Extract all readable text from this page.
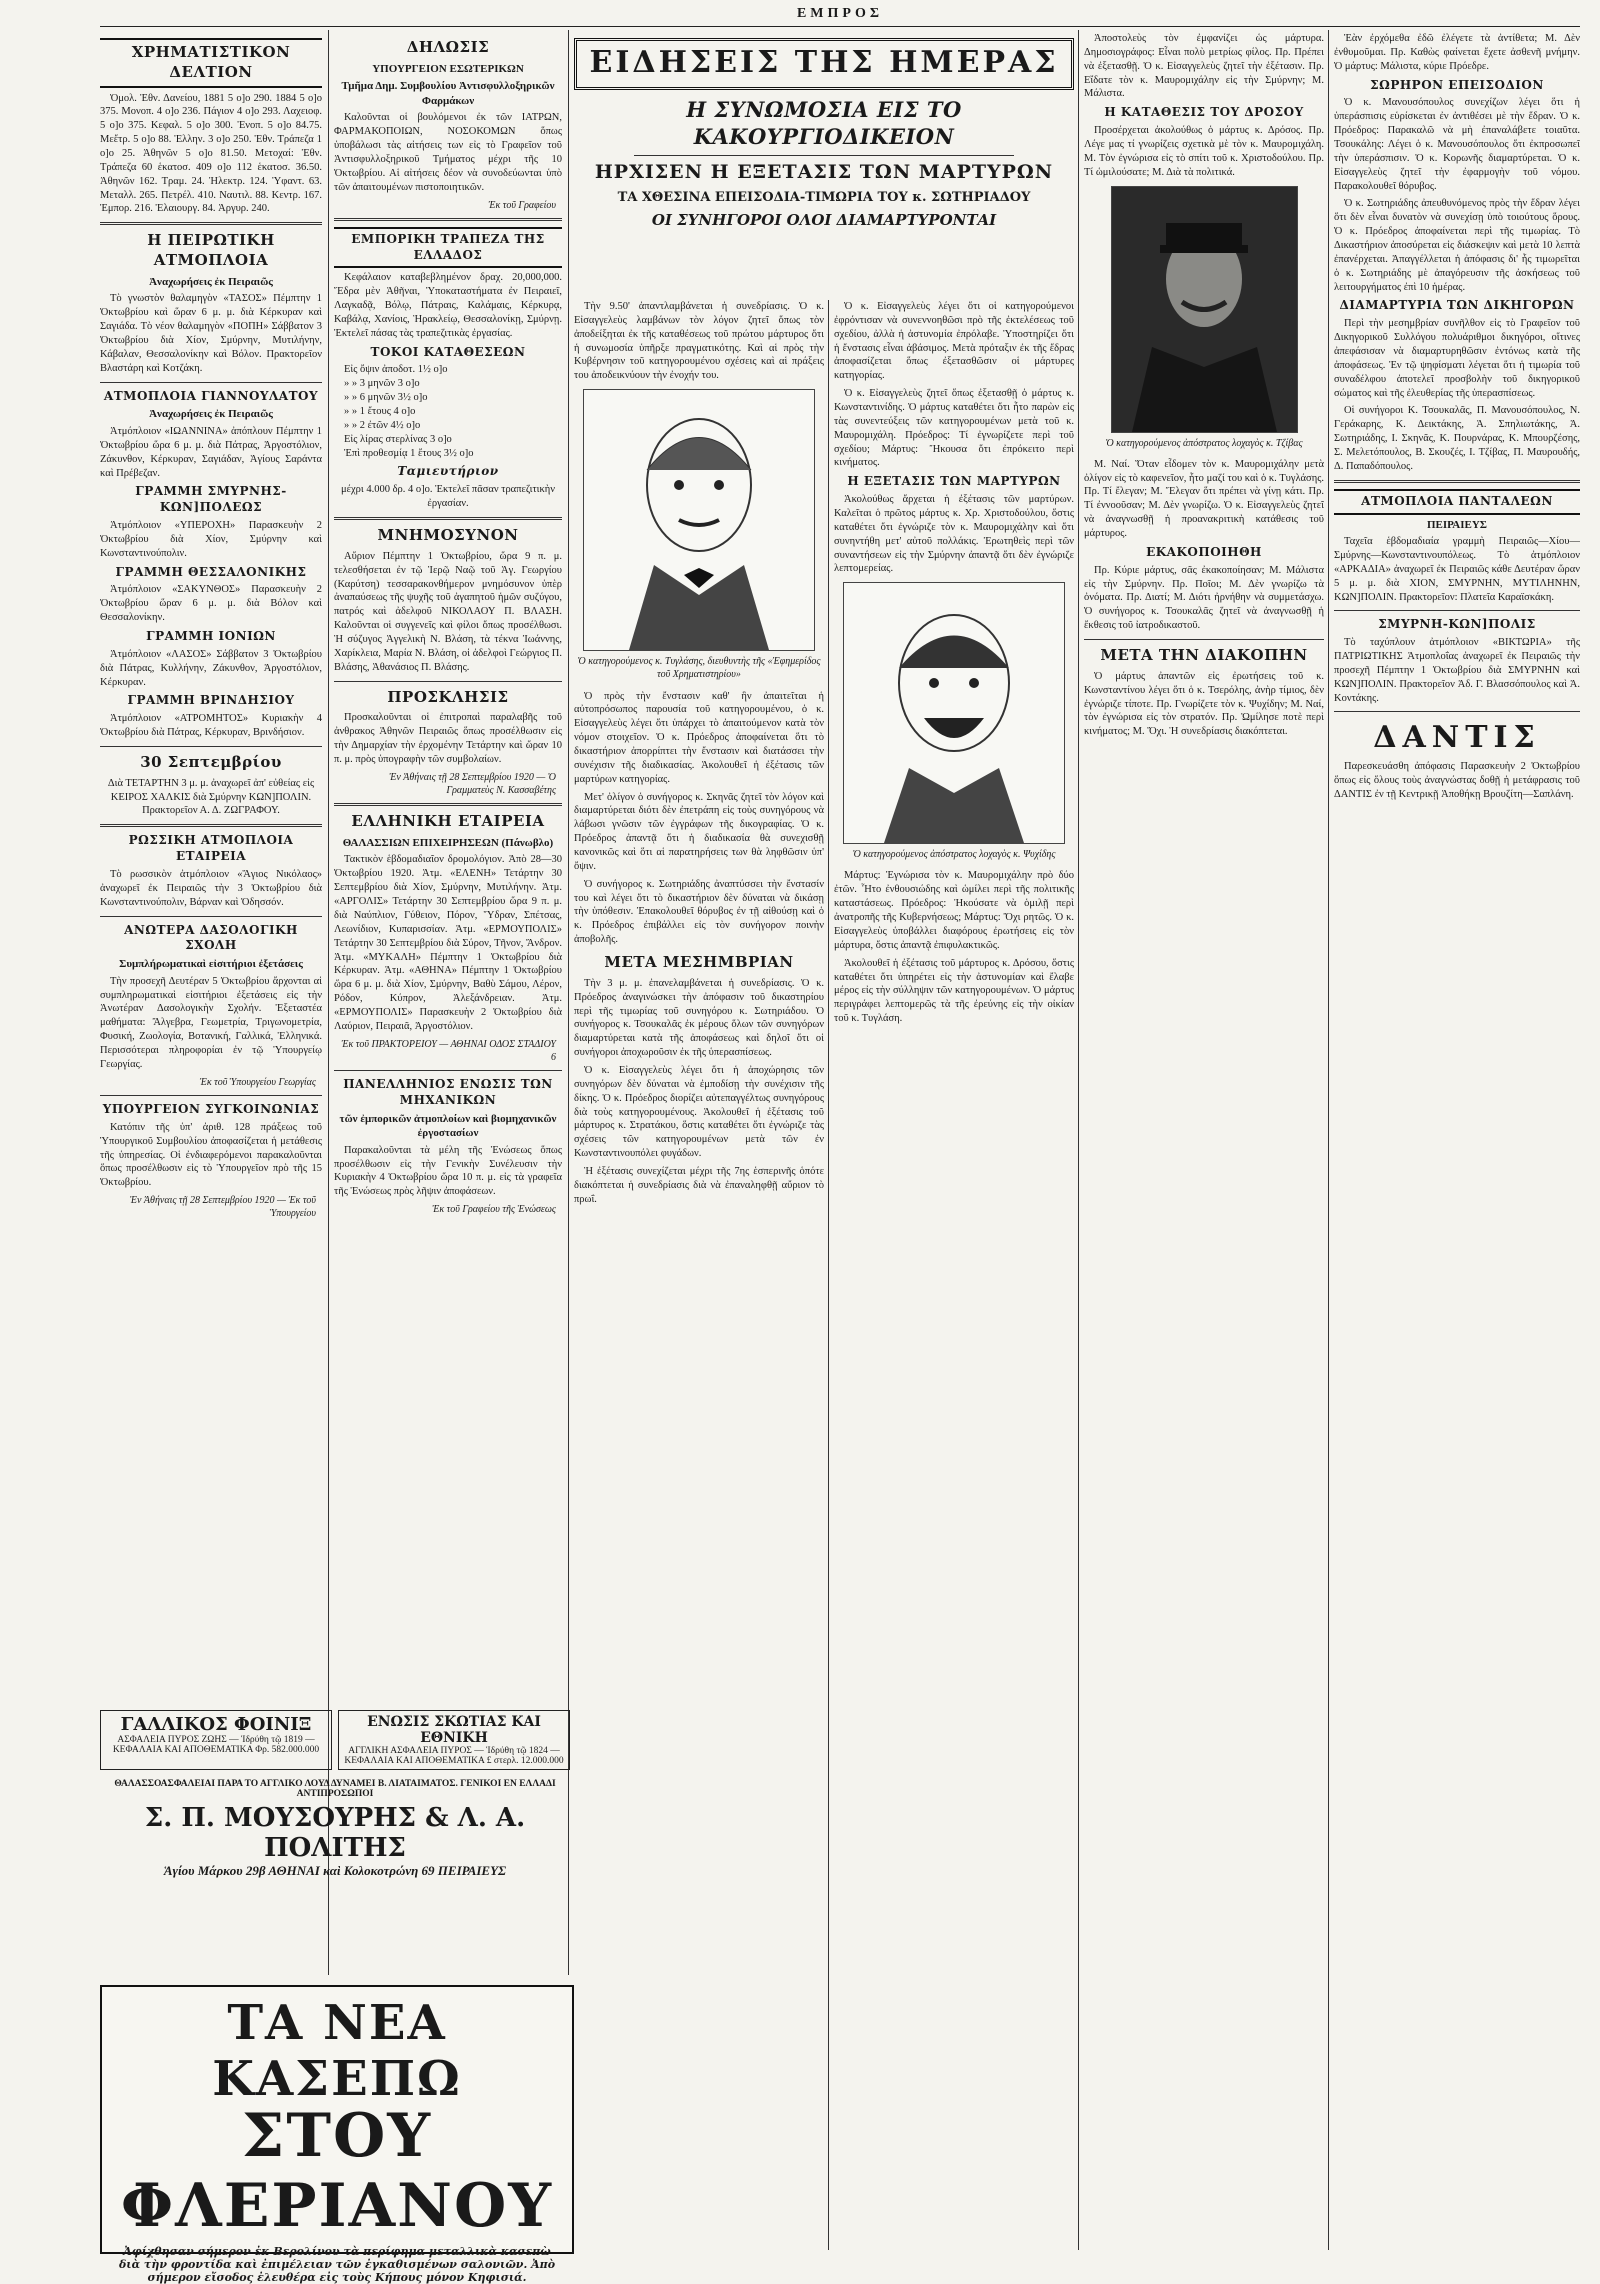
ΕΜΠΡΟΣ
ΧΡΗΜΑΤΙΣΤΙΚΟΝ ΔΕΛΤΙΟΝ

Ὁμολ. Ἐθν. Δανείου, 1881 5 ο]ο 290. 1884 5 ο]ο 375. Μονοπ. 4 ο]ο 236. Πάγιον 4 ο]ο 293. Λαχειοφ. 5 ο]ο 375. Κεφαλ. 5 ο]ο 300. Ἑνοπ. 5 ο]ο 84.75. Μεἔτρ. 5 ο]ο 88. Ἑλλην. 3 ο]ο 250. Ἐθν. Τράπεζα 1 ο]ο 25. Ἀθηνῶν 5 ο]ο 81.50. Μετοχαί: Ἐθν. Τράπεζα 60 ἑκατοσ. 409 ο]ο 112 ἑκατοσ. 36.50. Ἀθηνῶν 162. Τραμ. 24. Ἠλεκτρ. 124. Ὑφαντ. 63. Μεταλλ. 265. Πετρέλ. 410. Ναυτιλ. 88. Κεντρ. 167. Ἐμπορ. 216. Ἐλαιουργ. 84. Ἀργυρ. 240.

Η ΠΕΙΡΩΤΙΚΗ ΑΤΜΟΠΛΟΙΑ
Ἀναχωρήσεις ἐκ Πειραιῶς

Τὸ γνωστὸν θαλαμηγὸν «ΤΑΣΟΣ» Πέμπτην 1 Ὀκτωβρίου καὶ ὥραν 6 μ. μ. διὰ Κέρκυραν καὶ Σαγιάδα. Τὸ νέον θαλαμηγὸν «ΠΟΠΗ» Σάββατον 3 Ὀκτωβρίου διὰ Χίον, Σμύρνην, Μυτιλήνην, Κάβαλαν, Θεσσαλονίκην καὶ Βόλον. Πρακτορεῖον Βλαστάρη καὶ Κοτζάκη.

ΑΤΜΟΠΛΟΙΑ ΓΙΑΝΝΟΥΛΑΤΟΥ
Ἀναχωρήσεις ἐκ Πειραιῶς

Ἀτμόπλοιον «ΙΩΑΝΝΙΝΑ» ἀπόπλουν Πέμπτην 1 Ὀκτωβρίου ὥρα 6 μ. μ. διὰ Πάτρας, Ἀργοστόλιον, Ζάκυνθον, Κέρκυραν, Σαγιάδαν, Ἁγίους Σαράντα καὶ Πρέβεζαν.

ΓΡΑΜΜΗ ΣΜΥΡΝΗΣ-ΚΩΝ]ΠΟΛΕΩΣ

Ἀτμόπλοιον «ΥΠΕΡΟΧΗ» Παρασκευὴν 2 Ὀκτωβρίου διὰ Χίον, Σμύρνην καὶ Κωνσταντινούπολιν.

ΓΡΑΜΜΗ ΘΕΣΣΑΛΟΝΙΚΗΣ

Ἀτμόπλοιον «ΣΑΚΥΝΘΟΣ» Παρασκευὴν 2 Ὀκτωβρίου ὥραν 6 μ. μ. διὰ Βόλον καὶ Θεσσαλονίκην.

ΓΡΑΜΜΗ ΙΟΝΙΩΝ

Ἀτμόπλοιον «ΛΑΣΟΣ» Σάββατον 3 Ὀκτωβρίου διὰ Πάτρας, Κυλλήνην, Ζάκυνθον, Ἀργοστόλιον, Κέρκυραν.

ΓΡΑΜΜΗ ΒΡΙΝΔΗΣΙΟΥ

Ἀτμόπλοιον «ΑΤΡΟΜΗΤΟΣ» Κυριακὴν 4 Ὀκτωβρίου διὰ Πάτρας, Κέρκυραν, Βρινδήσιον.

30 Σεπτεμβρίου

Διὰ ΤΕΤΑΡΤΗΝ 3 μ. μ. ἀναχωρεῖ ἀπ' εὐθείας εἰς ΚΕΙΡΟΣ ΧΑΛΚΙΣ διὰ Σμύρνην ΚΩΝ]ΠΟΛΙΝ. Πρακτορεῖον Α. Δ. ΖΩΓΡΑΦΟΥ.

ΡΩΣΣΙΚΗ ΑΤΜΟΠΛΟΙΑ ΕΤΑΙΡΕΙΑ

Τὸ ρωσσικὸν ἀτμόπλοιον «Ἅγιος Νικόλαος» ἀναχωρεῖ ἐκ Πειραιῶς τὴν 3 Ὀκτωβρίου διὰ Κωνσταντινούπολιν, Βάρναν καὶ Ὀδησσόν.

ΑΝΩΤΕΡΑ ΔΑΣΟΛΟΓΙΚΗ ΣΧΟΛΗ
Συμπλήρωματικαὶ εἰσιτήριοι ἐξετάσεις

Τὴν προσεχῆ Δευτέραν 5 Ὀκτωβρίου ἄρχονται αἱ συμπληρωματικαὶ εἰσιτήριοι ἐξετάσεις εἰς τὴν Ἀνωτέραν Δασολογικὴν Σχολήν. Ἐξεταστέα μαθήματα: Ἄλγεβρα, Γεωμετρία, Τριγωνομετρία, Φυσική, Ζωολογία, Βοτανική, Γαλλικά, Ἑλληνικά. Περισσότεραι πληροφορίαι ἐν τῷ Ὑπουργείῳ Γεωργίας.

Ἐκ τοῦ Ὑπουργείου Γεωργίας
ΥΠΟΥΡΓΕΙΟΝ ΣΥΓΚΟΙΝΩΝΙΑΣ

Κατόπιν τῆς ὑπ' ἀριθ. 128 πράξεως τοῦ Ὑπουργικοῦ Συμβουλίου ἀποφασίζεται ἡ μετάθεσις τῆς ὑπηρεσίας. Οἱ ἐνδιαφερόμενοι παρακαλοῦνται ὅπως προσέλθωσιν εἰς τὸ Ὑπουργεῖον πρὸ τῆς 15 Ὀκτωβρίου.

Ἐν Ἀθήναις τῇ 28 Σεπτεμβρίου 1920 — Ἐκ τοῦ Ὑπουργείου
ΔΗΛΩΣΙΣ
ΥΠΟΥΡΓΕΙΟΝ ΕΣΩΤΕΡΙΚΩΝ
Τμῆμα Δημ. Συμβουλίου Ἀντισφυλλοξηρικῶν Φαρμάκων

Καλοῦνται οἱ βουλόμενοι ἐκ τῶν ΙΑΤΡΩΝ, ΦΑΡΜΑΚΟΠΟΙΩΝ, ΝΟΣΟΚΟΜΩΝ ὅπως ὑποβάλωσι τὰς αἰτήσεις των εἰς τὸ Γραφεῖον τοῦ Ἀντισφυλλοξηρικοῦ Τμήματος μέχρι τῆς 10 Ὀκτωβρίου. Αἱ αἰτήσεις δέον νὰ συνοδεύωνται ὑπὸ τῶν ἀπαιτουμένων πιστοποιητικῶν.

Ἐκ τοῦ Γραφείου
ΕΜΠΟΡΙΚΗ ΤΡΑΠΕΖΑ ΤΗΣ ΕΛΛΑΔΟΣ

Κεφάλαιον καταβεβλημένον δραχ. 20,000,000. Ἕδρα μὲν Ἀθῆναι, Ὑποκαταστήματα ἐν Πειραιεῖ, Λαγκαδᾷ, Βόλῳ, Πάτραις, Καλάμαις, Κέρκυρᾳ, Καβάλᾳ, Χανίοις, Ἡρακλείῳ, Θεσσαλονίκῃ, Σμύρνῃ. Ἐκτελεῖ πάσας τὰς τραπεζιτικὰς ἐργασίας.

ΤΟΚΟΙ ΚΑΤΑΘΕΣΕΩΝ
Εἰς ὄψιν ἀποδοτ. 1½ ο]ο
» » 3 μηνῶν 3 ο]ο
» » 6 μηνῶν 3½ ο]ο
» » 1 ἔτους 4 ο]ο
» » 2 ἐτῶν 4½ ο]ο
Εἰς λίρας στερλίνας 3 ο]ο
Ἐπὶ προθεσμίᾳ 1 ἔτους 3½ ο]ο
Ταμιευτήριον

μέχρι 4.000 δρ. 4 ο]ο. Ἐκτελεῖ πᾶσαν τραπεζιτικὴν ἐργασίαν.

ΜΝΗΜΟΣΥΝΟΝ

Αὔριον Πέμπτην 1 Ὀκτωβρίου, ὥρα 9 π. μ. τελεσθήσεται ἐν τῷ Ἱερῷ Ναῷ τοῦ Ἁγ. Γεωργίου (Καρύτση) τεσσαρακονθήμερον μνημόσυνον ὑπὲρ ἀναπαύσεως τῆς ψυχῆς τοῦ ἀγαπητοῦ ἡμῶν συζύγου, πατρός καὶ ἀδελφοῦ ΝΙΚΟΛΑΟΥ Π. ΒΛΑΣΗ. Καλοῦνται οἱ συγγενεῖς καὶ φίλοι ὅπως προσέλθωσι. Ἡ σύζυγος Ἀγγελικὴ Ν. Βλάση, τὰ τέκνα Ἰωάννης, Χαρίκλεια, Μαρία Ν. Βλάση, οἱ ἀδελφοὶ Γεώργιος Π. Βλάσης, Ἀθανάσιος Π. Βλάσης.

ΠΡΟΣΚΛΗΣΙΣ

Προσκαλοῦνται οἱ ἐπιτροπαὶ παραλαβῆς τοῦ ἀνθρακος Ἀθηνῶν Πειραιῶς ὅπως προσέλθωσιν εἰς τὴν Δημαρχίαν τὴν ἐρχομένην Τετάρτην καὶ ὥραν 10 π. μ. πρὸς ὑπογραφὴν τῶν συμβολαίων.

Ἐν Ἀθήναις τῇ 28 Σεπτεμβρίου 1920 — Ὁ Γραμματεὺς Ν. Κασσαβέτης
ΕΛΛΗΝΙΚΗ ΕΤΑΙΡΕΙΑ
ΘΑΛΑΣΣΙΩΝ ΕΠΙΧΕΙΡΗΣΕΩΝ (Πάνωβλο)

Τακτικὸν ἑβδομαδιαῖον δρομολόγιον. Ἀπὸ 28—30 Ὀκτωβρίου 1920. Ἀτμ. «ΕΛΕΝΗ» Τετάρτην 30 Σεπτεμβρίου διὰ Χίον, Σμύρνην, Μυτιλήνην. Ἀτμ. «ΑΡΓΟΛΙΣ» Τετάρτην 30 Σεπτεμβρίου ὥρα 9 π. μ. διὰ Ναύπλιον, Γύθειον, Πόρον, Ὕδραν, Σπέτσας, Λεωνίδιον, Κυπαρισσίαν. Ἀτμ. «ΕΡΜΟΥΠΟΛΙΣ» Τετάρτην 30 Σεπτεμβρίου διὰ Σύρον, Τῆνον, Ἄνδρον. Ἀτμ. «ΜΥΚΑΛΗ» Πέμπτην 1 Ὀκτωβρίου διὰ Κέρκυραν. Ἀτμ. «ΑΘΗΝΑ» Πέμπτην 1 Ὀκτωβρίου ὥρα 6 μ. μ. διὰ Χίον, Σμύρνην, Βαθὺ Σάμου, Λέρον, Ρόδον, Κύπρον, Ἀλεξάνδρειαν. Ἀτμ. «ΕΡΜΟΥΠΟΛΙΣ» Παρασκευὴν 2 Ὀκτωβρίου διὰ Λαύριον, Πειραιᾶ, Ἀργοστόλιον.

Ἐκ τοῦ ΠΡΑΚΤΟΡΕΙΟΥ — ΑΘΗΝΑΙ ΟΔΟΣ ΣΤΑΔΙΟΥ 6
ΠΑΝΕΛΛΗΝΙΟΣ ΕΝΩΣΙΣ ΤΩΝ ΜΗΧΑΝΙΚΩΝ
τῶν ἐμπορικῶν ἀτμοπλοίων καὶ βιομηχανικῶν ἐργοστασίων

Παρακαλοῦνται τὰ μέλη τῆς Ἑνώσεως ὅπως προσέλθωσιν εἰς τὴν Γενικὴν Συνέλευσιν τὴν Κυριακὴν 4 Ὀκτωβρίου ὥρα 10 π. μ. εἰς τὰ γραφεῖα τῆς Ἑνώσεως πρὸς λῆψιν ἀποφάσεων.

Ἐκ τοῦ Γραφείου τῆς Ἑνώσεως
ΓΑΛΛΙΚΟΣ ΦΟΙΝΙΞ
ΑΣΦΑΛΕΙΑ ΠΥΡΟΣ ΖΩΗΣ — Ἱδρύθη τῷ 1819 — ΚΕΦΑΛΑΙΑ ΚΑΙ ΑΠΟΘΕΜΑΤΙΚΑ Φρ. 582.000.000
ΕΝΩΣΙΣ ΣΚΩΤΙΑΣ ΚΑΙ ΕΘΝΙΚΗ
ΑΓΓΛΙΚΗ ΑΣΦΑΛΕΙΑ ΠΥΡΟΣ — Ἱδρύθη τῷ 1824 — ΚΕΦΑΛΑΙΑ ΚΑΙ ΑΠΟΘΕΜΑΤΙΚΑ £ στερλ. 12.000.000
ΘΑΛΑΣΣΟΑΣΦΑΛΕΙΑΙ ΠΑΡΑ ΤΟ ΑΓΓΛΙΚΟ ΛΟΥΔ ΔΥΝΑΜΕΙ Β. ΛΙΑΤΑΙΜΑΤΟΣ. ΓΕΝΙΚΟΙ ΕΝ ΕΛΛΑΔΙ ΑΝΤΙΠΡΟΣΩΠΟΙ
Σ. Π. ΜΟΥΣΟΥΡΗΣ & Λ. Α. ΠΟΛΙΤΗΣ
Ἁγίου Μάρκου 29β ΑΘΗΝΑΙ καὶ Κολοκοτρώνη 69 ΠΕΙΡΑΙΕΥΣ
ΤΑ ΝΕΑ ΚΑΣΕΠΩ
ΣΤΟΥ ΦΛΕΡΙΑΝΟΥ
Ἀφίχθησαν σήμερον ἐκ Βερολίνου τὰ περίφημα μεταλλικὰ κασεπὼ διὰ τὴν φροντίδα καὶ ἐπιμέλειαν τῶν ἐγκαθισμένων σαλονιῶν. Ἀπὸ σήμερον εἴσοδος ἐλευθέρα εἰς τοὺς Κήπους μόνον Κηφισιά.
ΕΙΔΗΣΕΙΣ ΤΗΣ ΗΜΕΡΑΣ
Η ΣΥΝΩΜΟΣΙΑ ΕΙΣ ΤΟ ΚΑΚΟΥΡΓΙΟΔΙΚΕΙΟΝ
ΗΡΧΙΣΕΝ Η ΕΞΕΤΑΣΙΣ ΤΩΝ ΜΑΡΤΥΡΩΝ
ΤΑ ΧΘΕΣΙΝΑ ΕΠΕΙΣΟΔΙΑ-ΤΙΜΩΡΙΑ ΤΟΥ κ. ΣΩΤΗΡΙΑΔΟΥ
ΟΙ ΣΥΝΗΓΟΡΟΙ ΟΛΟΙ ΔΙΑΜΑΡΤΥΡΟΝΤΑΙ

Τὴν 9.50' ἀπαντλαμβάνεται ἡ συνεδρίασις. Ὁ κ. Εἰσαγγελεὺς λαμβάνων τὸν λόγον ζητεῖ ὅπως τὸν ἀποδείξηται ἐκ τῆς καταθέσεως τοῦ πρώτου μάρτυρος ὅτι ἡ συνωμοσία ὑπῆρξε πραγματικότης. Καὶ αἱ πρὸς τὴν Κυβέρνησιν τοῦ κατηγορουμένου σχέσεις καὶ αἱ πράξεις του ἀποδεικνύουν τὴν ἐνοχήν του.

Ὁ κατηγορούμενος κ. Τυγλάσης, διευθυντὴς τῆς «Ἐφημερίδος τοῦ Χρηματιστηρίου»

Ὁ πρὸς τὴν ἔνστασιν καθ' ἣν ἀπαιτεῖται ἡ αὐτοπρόσωπος παρουσία τοῦ κατηγορουμένου, ὁ κ. Εἰσαγγελεὺς λέγει ὅτι ὑπάρχει τὸ ἀπαιτούμενον κατὰ τὸν νόμον στοιχεῖον. Ὁ κ. Πρόεδρος ἀποφαίνεται ὅτι τὸ δικαστήριον ἀπορρίπτει τὴν ἔνστασιν καὶ διατάσσει τὴν συνέχισιν τῆς διαδικασίας. Ἀκολουθεῖ ἡ ἐξέτασις τῶν μαρτύρων κατηγορίας.

Μετ' ὀλίγον ὁ συνήγορος κ. Σκηνᾶς ζητεῖ τὸν λόγον καὶ διαμαρτύρεται διότι δὲν ἐπετράπη εἰς τοὺς συνηγόρους νὰ λάβωσι γνῶσιν τῶν ἐγγράφων τῆς δικογραφίας. Ὁ κ. Πρόεδρος ἀπαντᾷ ὅτι ἡ διαδικασία θὰ συνεχισθῇ κανονικῶς καὶ ὅτι αἱ παρατηρήσεις των θὰ ληφθῶσιν ὑπ' ὄψιν.

Ὁ συνήγορος κ. Σωτηριάδης ἀναπτύσσει τὴν ἔνστασίν του καὶ λέγει ὅτι τὸ δικαστήριον δὲν δύναται νὰ δικάσῃ τὴν ὑπόθεσιν. Ἐπακολουθεῖ θόρυβος ἐν τῇ αἰθούσῃ καὶ ὁ κ. Πρόεδρος ἐπιβάλλει εἰς τὸν συνήγορον ποινὴν ἀποβολῆς.

ΜΕΤΑ ΜΕΣΗΜΒΡΙΑΝ

Τὴν 3 μ. μ. ἐπανελαμβάνεται ἡ συνεδρίασις. Ὁ κ. Πρόεδρος ἀναγινώσκει τὴν ἀπόφασιν τοῦ δικαστηρίου περὶ τῆς τιμωρίας τοῦ συνηγόρου κ. Σωτηριάδου. Ὁ συνήγορος κ. Τσουκαλᾶς ἐκ μέρους ὅλων τῶν συνηγόρων διαμαρτύρεται κατὰ τῆς ἀποφάσεως καὶ δηλοῖ ὅτι οἱ συνήγοροι ἀποχωροῦσιν ἐκ τῆς ὑπερασπίσεως.

Ὁ κ. Εἰσαγγελεὺς λέγει ὅτι ἡ ἀποχώρησις τῶν συνηγόρων δὲν δύναται νὰ ἐμποδίσῃ τὴν συνέχισιν τῆς δίκης. Ὁ κ. Πρόεδρος διορίζει αὐτεπαγγέλτως συνηγόρους διὰ τοὺς κατηγορουμένους. Ἀκολουθεῖ ἡ ἐξέτασις τοῦ μάρτυρος κ. Στρατάκου, ὅστις καταθέτει ὅτι ἐγνώριζε τὰς σχέσεις τῶν κατηγορουμένων μετὰ τῶν ἐν Κωνσταντινουπόλει φυγάδων.

Ἡ ἐξέτασις συνεχίζεται μέχρι τῆς 7ης ἑσπερινῆς ὁπότε διακόπτεται ἡ συνεδρίασις διὰ νὰ ἐπαναληφθῇ αὔριον τὸ πρωΐ.

Ὁ κ. Εἰσαγγελεὺς λέγει ὅτι οἱ κατηγορούμενοι ἐφρόντισαν νὰ συνεννοηθῶσι πρὸ τῆς ἐκτελέσεως τοῦ σχεδίου, ἀλλὰ ἡ ἀστυνομία ἐπρόλαβε. Ὑποστηρίζει ὅτι ἡ ἔνστασις εἶναι ἀβάσιμος. Μετὰ πρόταξιν ἐκ τῆς ἕδρας ἀποφασίζεται ὅπως ἐξετασθῶσιν οἱ μάρτυρες κατηγορίας.

Ὁ κ. Εἰσαγγελεὺς ζητεῖ ὅπως ἐξετασθῇ ὁ μάρτυς κ. Κωνσταντινίδης. Ὁ μάρτυς καταθέτει ὅτι ἦτο παρὼν εἰς τὰς συνεντεύξεις τῶν κατηγορουμένων μετὰ τοῦ κ. Μαυρομιχάλη. Πρόεδρος: Τί ἐγνωρίζετε περὶ τοῦ σχεδίου; Μάρτυς: Ἤκουσα ὅτι ἐπρόκειτο περὶ κινήματος.

Η ΕΞΕΤΑΣΙΣ ΤΩΝ ΜΑΡΤΥΡΩΝ

Ἀκολούθως ἄρχεται ἡ ἐξέτασις τῶν μαρτύρων. Καλεῖται ὁ πρῶτος μάρτυς κ. Χρ. Χριστοδούλου, ὅστις καταθέτει ὅτι ἐγνώριζε τὸν κ. Μαυρομιχάλην καὶ ὅτι συνηντήθη μετ' αὐτοῦ πολλάκις. Ἐρωτηθεὶς περὶ τῶν συναντήσεων εἰς τὴν Σμύρνην ἀπαντᾷ ὅτι δὲν ἐγνώριζε λεπτομερείας.

Ὁ κατηγορούμενος ἀπόστρατος λοχαγὸς κ. Ψυχίδης

Μάρτυς: Ἐγνώρισα τὸν κ. Μαυρομιχάλην πρὸ δύο ἐτῶν. Ἦτο ἐνθουσιώδης καὶ ὡμίλει περὶ τῆς πολιτικῆς καταστάσεως. Πρόεδρος: Ἠκούσατε νὰ ὁμιλῇ περὶ ἀνατροπῆς τῆς Κυβερνήσεως; Μάρτυς: Ὄχι ρητῶς. Ὁ κ. Εἰσαγγελεὺς ὑποβάλλει διαφόρους ἐρωτήσεις εἰς τὸν μάρτυρα, ὅστις ἀπαντᾷ ἐπιφυλακτικῶς.

Ἀκολουθεῖ ἡ ἐξέτασις τοῦ μάρτυρος κ. Δρόσου, ὅστις καταθέτει ὅτι ὑπηρέτει εἰς τὴν ἀστυνομίαν καὶ ἔλαβε μέρος εἰς τὴν σύλληψιν τῶν κατηγορουμένων. Ὁ μάρτυς περιγράφει λεπτομερῶς τὰ τῆς ἐρεύνης εἰς τὴν οἰκίαν τοῦ κ. Τυγλάση.

Ἀποστολεὺς τὸν ἐμφανίζει ὡς μάρτυρα. Δημοσιογράφος: Εἶναι πολὺ μετρίως φίλος. Πρ. Πρέπει νὰ ἐξετασθῇ. Ὁ κ. Εἰσαγγελεὺς ζητεῖ τὴν ἐξέτασιν. Πρ. Εἴδατε τὸν κ. Μαυρομιχάλην εἰς τὴν Σμύρνην; Μ. Μάλιστα.

Η ΚΑΤΑΘΕΣΙΣ ΤΟΥ ΔΡΟΣΟΥ

Προσέρχεται ἀκολούθως ὁ μάρτυς κ. Δρόσος. Πρ. Λέγε μας τί γνωρίζεις σχετικὰ μὲ τὸν κ. Μαυρομιχάλη. Μ. Τὸν ἐγνώρισα εἰς τὸ σπίτι τοῦ κ. Χριστοδούλου. Πρ. Τί ὡμιλούσατε; Μ. Διὰ τὰ πολιτικά.

Ὁ κατηγορούμενος ἀπόστρατος λοχαγὸς κ. Τζίβας

Μ. Ναί. Ὅταν εἶδομεν τὸν κ. Μαυρομιχάλην μετὰ ὀλίγον εἰς τὸ καφενεῖον, ἦτο μαζί του καὶ ὁ κ. Τυγλάσης. Πρ. Τί ἔλεγαν; Μ. Ἔλεγαν ὅτι πρέπει νὰ γίνῃ κάτι. Πρ. Τί ἐννοοῦσαν; Μ. Δὲν γνωρίζω. Ὁ κ. Εἰσαγγελεὺς ζητεῖ νὰ ἀναγνωσθῇ ἡ προανακριτικὴ κατάθεσις τοῦ μάρτυρος.

ΕΚΑΚΟΠΟΙΗΘΗ

Πρ. Κύριε μάρτυς, σᾶς ἐκακοποίησαν; Μ. Μάλιστα εἰς τὴν Σμύρνην. Πρ. Ποῖοι; Μ. Δὲν γνωρίζω τὰ ὀνόματα. Πρ. Διατί; Μ. Διότι ἠρνήθην νὰ συμμετάσχω. Ὁ συνήγορος κ. Τσουκαλᾶς ζητεῖ νὰ ἀναγνωσθῇ ἡ ἔκθεσις τοῦ ἰατροδικαστοῦ.

ΜΕΤΑ ΤΗΝ ΔΙΑΚΟΠΗΝ

Ὁ μάρτυς ἀπαντῶν εἰς ἐρωτήσεις τοῦ κ. Κωνσταντίνου λέγει ὅτι ὁ κ. Τσερόλης, ἀνὴρ τίμιος, δὲν ἐγνώριζε τίποτε. Πρ. Γνωρίζετε τὸν κ. Ψυχίδην; Μ. Ναί, τὸν ἐγνώρισα εἰς τὸν στρατόν. Πρ. Ὡμίλησε ποτὲ περὶ κινήματος; Μ. Ὄχι. Ἡ συνεδρίασις διακόπτεται.

Ἐὰν ἐρχόμεθα ἐδῶ ἐλέγετε τὰ ἀντίθετα; Μ. Δὲν ἐνθυμοῦμαι. Πρ. Καθὼς φαίνεται ἔχετε ἀσθενῆ μνήμην. Ὁ μάρτυς: Μάλιστα, κύριε Πρόεδρε.

ΣΩΡΗΡΟΝ ΕΠΕΙΣΟΔΙΟΝ

Ὁ κ. Μανουσόπουλος συνεχίζων λέγει ὅτι ἡ ὑπεράσπισις εὑρίσκεται ἐν ἀντιθέσει μὲ τὴν ἕδραν. Ὁ κ. Πρόεδρος: Παρακαλῶ νὰ μὴ ἐπαναλάβετε τοιαῦτα. Τσουκάλης: Λέγει ὁ κ. Μανουσόπουλος ὅτι ἐκπροσωπεῖ τὴν ὑπεράσπισιν. Ὁ κ. Κορωνῆς διαμαρτύρεται. Ὁ κ. Εἰσαγγελεὺς ζητεῖ τὴν ἐφαρμογὴν τοῦ νόμου. Παρακολουθεῖ θόρυβος.

Ὁ κ. Σωτηριάδης ἀπευθυνόμενος πρὸς τὴν ἕδραν λέγει ὅτι δὲν εἶναι δυνατὸν νὰ συνεχίσῃ ὑπὸ τοιούτους ὅρους. Ὁ κ. Πρόεδρος ἀποφαίνεται περὶ τῆς τιμωρίας. Τὸ Δικαστήριον ἀποσύρεται εἰς διάσκεψιν καὶ μετὰ 10 λεπτὰ ἐπανέρχεται. Ἀπαγγέλλεται ἡ ἀπόφασις δι' ἧς τιμωρεῖται ὁ κ. Σωτηριάδης μὲ ἀπαγόρευσιν τῆς ἀσκήσεως τοῦ λειτουργήματος ἐπὶ 10 ἡμέρας.

ΔΙΑΜΑΡΤΥΡΙΑ ΤΩΝ ΔΙΚΗΓΟΡΩΝ

Περὶ τὴν μεσημβρίαν συνῆλθον εἰς τὸ Γραφεῖον τοῦ Δικηγορικοῦ Συλλόγου πολυάριθμοι δικηγόροι, οἵτινες ἀπεφάσισαν νὰ διαμαρτυρηθῶσιν ἐντόνως κατὰ τῆς ἀποφάσεως. Ἐν τῷ ψηφίσματι λέγεται ὅτι ἡ τιμωρία τοῦ συναδέλφου ἀποτελεῖ προσβολὴν τοῦ δικηγορικοῦ σώματος καὶ τῆς ἐλευθερίας τῆς ὑπερασπίσεως.

Οἱ συνήγοροι Κ. Τσουκαλᾶς, Π. Μανουσόπουλος, Ν. Γεράκαρης, Κ. Δεικτάκης, Ἀ. Σπηλιωτάκης, Ἀ. Σωτηριάδης, Ι. Σκηνᾶς, Κ. Πουρνάρας, Κ. Μπουρζέσης, Σ. Μελετόπουλος, Β. Σκουζές, Ι. Τζίβας, Π. Μαυρουδής, Δ. Παπαδόπουλος.

ΑΤΜΟΠΛΟΙΑ ΠΑΝΤΑΛΕΩΝ
ΠΕΙΡΑΙΕΥΣ

Ταχεῖα ἑβδομαδιαία γραμμὴ Πειραιῶς—Χίου—Σμύρνης—Κωνσταντινουπόλεως. Τὸ ἀτμόπλοιον «ΑΡΚΑΔΙΑ» ἀναχωρεῖ ἐκ Πειραιῶς κάθε Δευτέραν ὥραν 5 μ. μ. διὰ ΧΙΟΝ, ΣΜΥΡΝΗΝ, ΜΥΤΙΛΗΝΗΝ, ΚΩΝ]ΠΟΛΙΝ. Πρακτορεῖον: Πλατεῖα Καραϊσκάκη.

ΣΜΥΡΝΗ-ΚΩΝ]ΠΟΛΙΣ

Τὸ ταχύπλουν ἀτμόπλοιον «ΒΙΚΤΩΡΙΑ» τῆς ΠΑΤΡΙΩΤΙΚΗΣ Ἀτμοπλοΐας ἀναχωρεῖ ἐκ Πειραιῶς τὴν προσεχῆ Πέμπτην 1 Ὀκτωβρίου διὰ ΣΜΥΡΝΗΝ καὶ ΚΩΝ]ΠΟΛΙΝ. Πρακτορεῖον Ἀδ. Γ. Βλασσόπουλος καὶ Ἀ. Κοντάκης.

ΔΑΝΤΙΣ

Παρεσκευάσθη ἀπόφασις Παρασκευὴν 2 Ὀκτωβρίου ὅπως εἰς ὅλους τοὺς ἀναγνώστας δοθῇ ἡ μετάφρασις τοῦ ΔΑΝΤΙΣ ἐν τῇ Κεντρικῇ Ἀποθήκῃ Βρουζίτη—Σαπλάνη.
